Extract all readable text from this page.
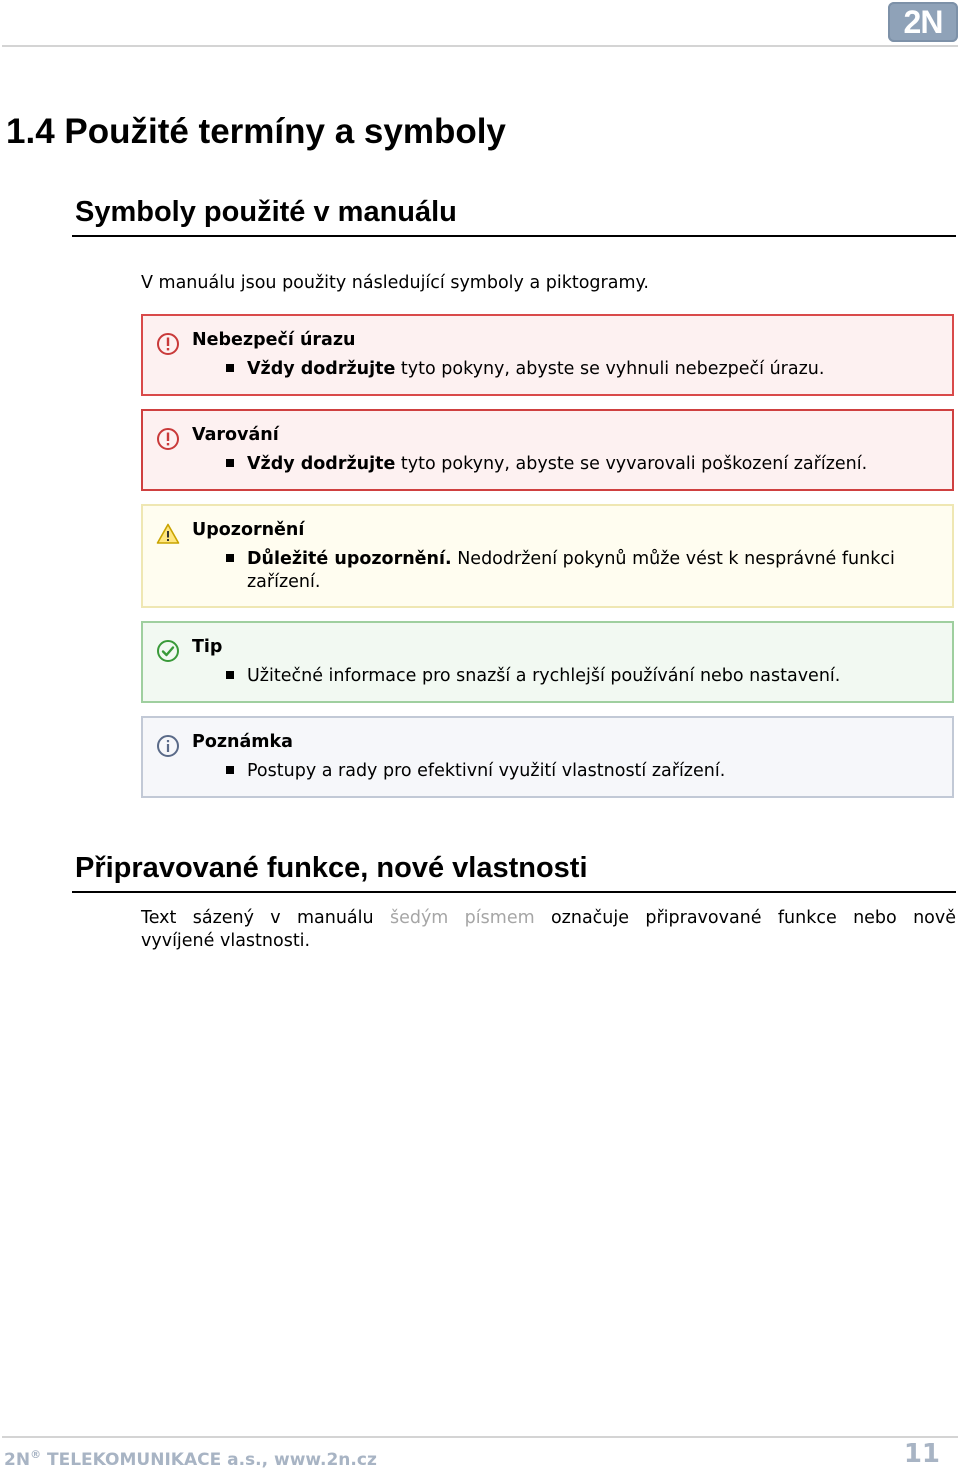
2N
1.4 Použité termíny a symboly
Symboly použité v manuálu
V manuálu jsou použity následující symboly a piktogramy.
Nebezpečí úrazu
Vždy dodržujte tyto pokyny, abyste se vyhnuli nebezpečí úrazu.
Varování
Vždy dodržujte tyto pokyny, abyste se vyvarovali poškození zařízení.
Upozornění
Důležité upozornění. Nedodržení pokynů může vést k nesprávné funkci zařízení.
Tip
Užitečné informace pro snazší a rychlejší používání nebo nastavení.
Poznámka
Postupy a rady pro efektivní využití vlastností zařízení.
Připravované funkce, nové vlastnosti
Text sázený v manuálu šedým písmem označuje připravované funkce nebo nově
vyvíjené vlastnosti.
2N® TELEKOMUNIKACE a.s., www.2n.cz	11
